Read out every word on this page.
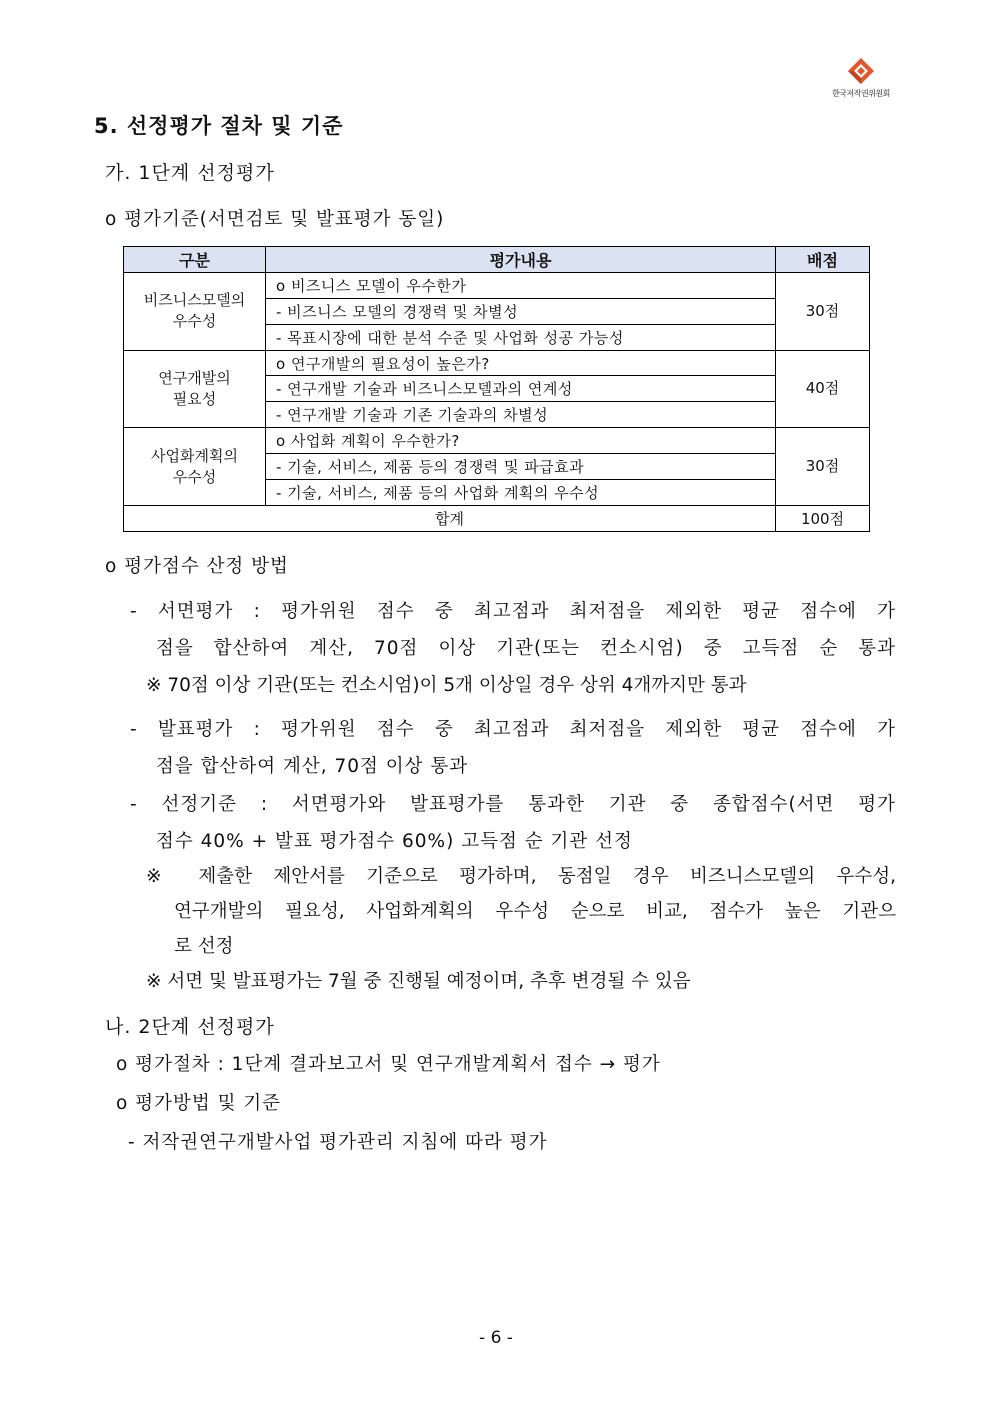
한국저작권위원회
5. 선정평가 절차 및 기준
가. 1단계 선정평가
o 평가기준(서면검토 및 발표평가 동일)
구분	평가내용	배점
비즈니스모델의
우수성	o 비즈니스 모델이 우수한가	30점
	- 비즈니스 모델의 경쟁력 및 차별성	
	- 목표시장에 대한 분석 수준 및 사업화 성공 가능성	
연구개발의
필요성	o 연구개발의 필요성이 높은가?	40점
	- 연구개발 기술과 비즈니스모델과의 연계성	
	- 연구개발 기술과 기존 기술과의 차별성	
사업화계획의
우수성	o 사업화 계획이 우수한가?	30점
	- 기술, 서비스, 제품 등의 경쟁력 및 파급효과	
	- 기술, 서비스, 제품 등의 사업화 계획의 우수성	
합계		100점
o 평가점수 산정 방법
- 서면평가 : 평가위원 점수 중 최고점과 최저점을 제외한 평균 점수에 가
점을 합산하여 계산, 70점 이상 기관(또는 컨소시엄) 중 고득점 순 통과
※ 70점 이상 기관(또는 컨소시엄)이 5개 이상일 경우 상위 4개까지만 통과
- 발표평가 : 평가위원 점수 중 최고점과 최저점을 제외한 평균 점수에 가
점을 합산하여 계산, 70점 이상 통과
- 선정기준 : 서면평가와 발표평가를 통과한 기관 중 종합점수(서면 평가
점수 40% + 발표 평가점수 60%) 고득점 순 기관 선정
※ 제출한 제안서를 기준으로 평가하며, 동점일 경우 비즈니스모델의 우수성,
연구개발의 필요성, 사업화계획의 우수성 순으로 비교, 점수가 높은 기관으
로 선정
※ 서면 및 발표평가는 7월 중 진행될 예정이며, 추후 변경될 수 있음
나. 2단계 선정평가
o 평가절차 : 1단계 결과보고서 및 연구개발계획서 접수 → 평가
o 평가방법 및 기준
- 저작권연구개발사업 평가관리 지침에 따라 평가
- 6 -
